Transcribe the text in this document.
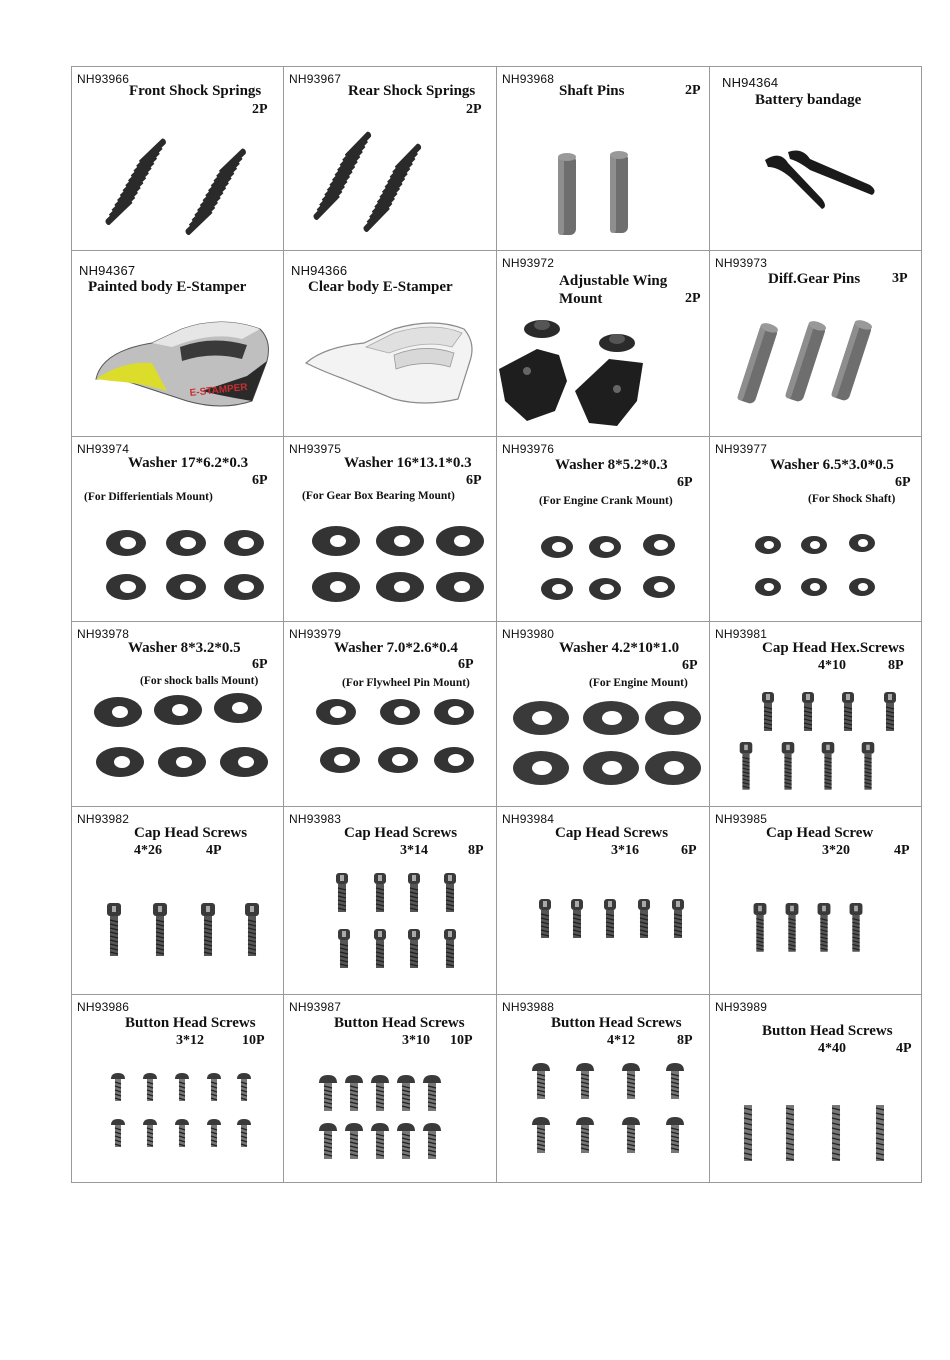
NH93966
Front Shock Springs
2P
NH93967
Rear Shock Springs
2P
NH93968
Shaft Pins	2P
NH94364
Battery bandage
NH94367
Painted body E-Stamper
E-STAMPER
NH94366
Clear body E-Stamper
NH93972
Adjustable Wing
Mount	2P
NH93973
Diff.Gear Pins 3P
NH93974
Washer 17*6.2*0.3
6P
(For Differientials Mount)
NH93975
Washer 16*13.1*0.3
6P
(For Gear Box Bearing Mount)
NH93976
Washer 8*5.2*0.3
6P
(For Engine Crank Mount)
NH93977
Washer 6.5*3.0*0.5
6P
(For Shock Shaft)
NH93978
Washer 8*3.2*0.5
6P
(For shock balls Mount)
NH93979
Washer 7.0*2.6*0.4
6P
(For Flywheel Pin Mount)
NH93980
Washer 4.2*10*1.0
6P
(For Engine Mount)
NH93981
Cap Head Hex.Screws
4*10	8P
NH93982
Cap Head Screws
4*26	4P
NH93983
Cap Head Screws
3*14	8P
NH93984
Cap Head Screws
3*16	6P
NH93985
Cap Head Screw
3*20	4P
NH93986
Button Head Screws
3*12	10P
NH93987
Button Head Screws
3*10 10P
NH93988
Button Head Screws
4*12	8P
NH93989
Button Head Screws
4*40	4P
